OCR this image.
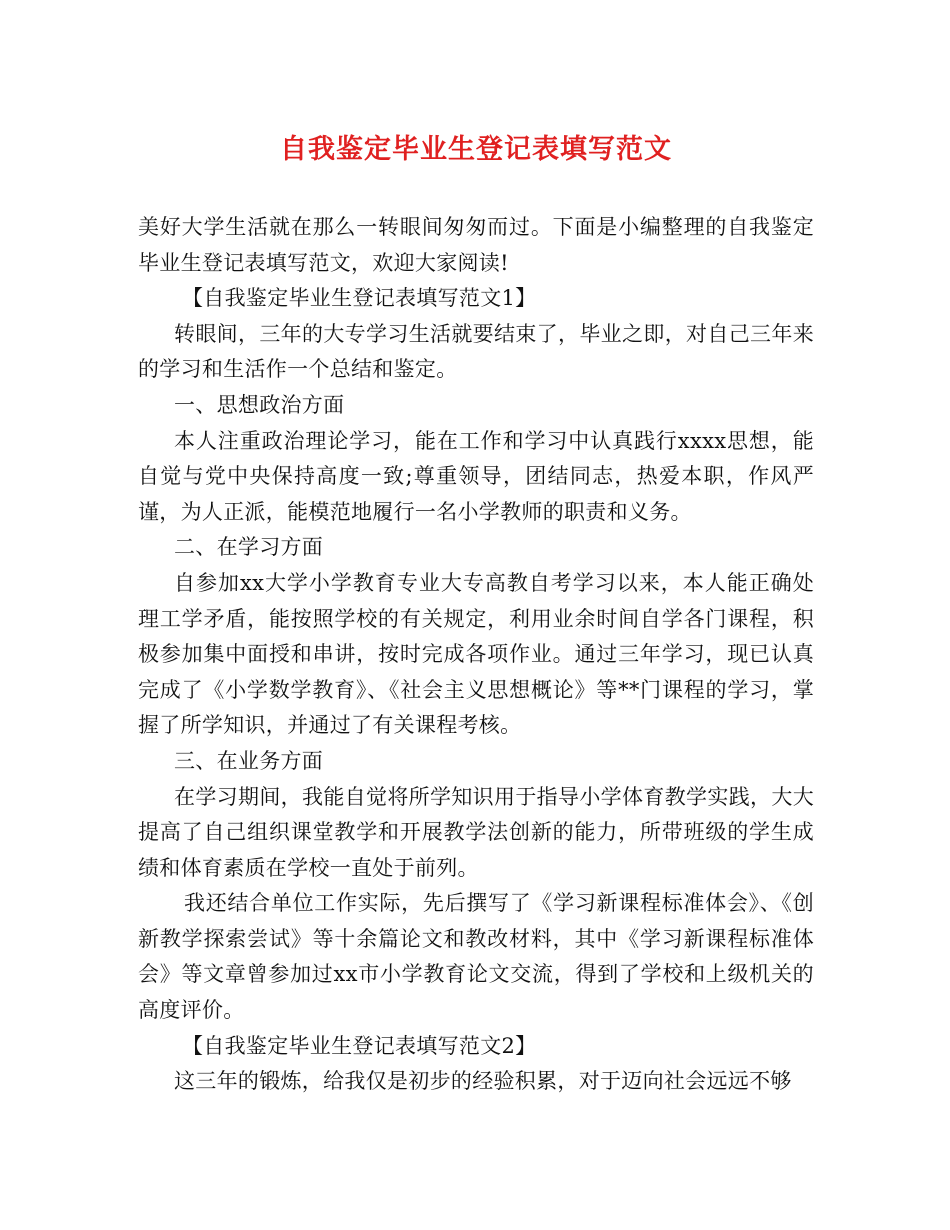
自我鉴定毕业生登记表填写范文

美好大学生活就在那么一转眼间匆匆而过。下面是小编整理的自我鉴定毕业生登记表填写范文，欢迎大家阅读!

【自我鉴定毕业生登记表填写范文1】

转眼间，三年的大专学习生活就要结束了，毕业之即，对自己三年来的学习和生活作一个总结和鉴定。

一、思想政治方面

本人注重政治理论学习，能在工作和学习中认真践行xxxx思想，能自觉与党中央保持高度一致;尊重领导，团结同志，热爱本职，作风严谨，为人正派，能模范地履行一名小学教师的职责和义务。

二、在学习方面

自参加xx大学小学教育专业大专高教自考学习以来，本人能正确处理工学矛盾，能按照学校的有关规定，利用业余时间自学各门课程，积极参加集中面授和串讲，按时完成各项作业。通过三年学习，现已认真完成了《小学数学教育》、《社会主义思想概论》等**门课程的学习，掌握了所学知识，并通过了有关课程考核。

三、在业务方面

在学习期间，我能自觉将所学知识用于指导小学体育教学实践，大大提高了自己组织课堂教学和开展教学法创新的能力，所带班级的学生成绩和体育素质在学校一直处于前列。

我还结合单位工作实际，先后撰写了《学习新课程标准体会》、《创新教学探索尝试》等十余篇论文和教改材料，其中《学习新课程标准体会》等文章曾参加过xx市小学教育论文交流，得到了学校和上级机关的高度评价。

【自我鉴定毕业生登记表填写范文2】

这三年的锻炼，给我仅是初步的经验积累，对于迈向社会远远不够
